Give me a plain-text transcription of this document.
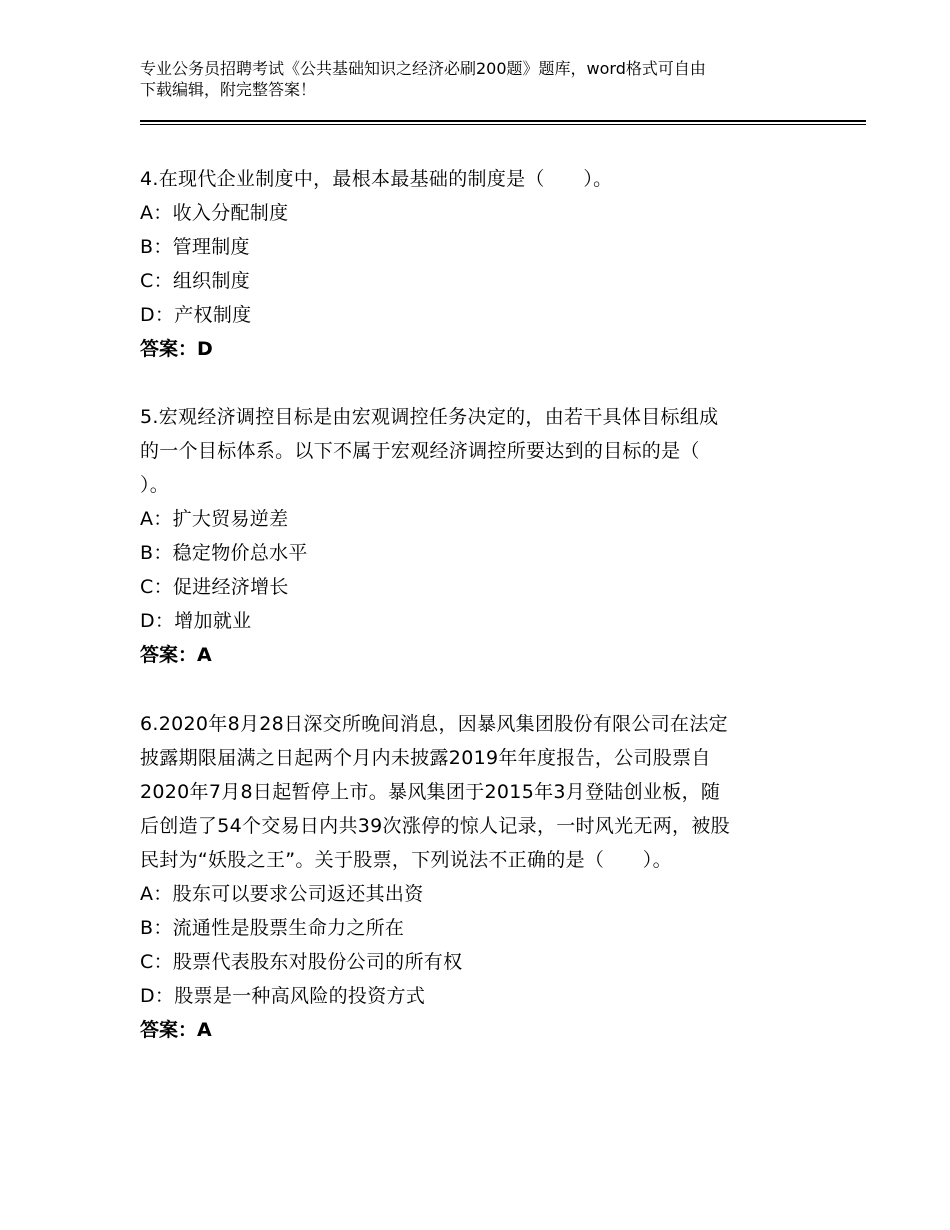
专业公务员招聘考试《公共基础知识之经济必刷200题》题库，word格式可自由
下载编辑，附完整答案！

4.在现代企业制度中，最根本最基础的制度是（　　）。

A：收入分配制度

B：管理制度

C：组织制度

D：产权制度

答案：D

5.宏观经济调控目标是由宏观调控任务决定的，由若干具体目标组成

的一个目标体系。以下不属于宏观经济调控所要达到的目标的是（

）。

A：扩大贸易逆差

B：稳定物价总水平

C：促进经济增长

D：增加就业

答案：A

6.2020年8月28日深交所晚间消息，因暴风集团股份有限公司在法定

披露期限届满之日起两个月内未披露2019年年度报告，公司股票自

2020年7月8日起暂停上市。暴风集团于2015年3月登陆创业板，随

后创造了54个交易日内共39次涨停的惊人记录，一时风光无两，被股

民封为“妖股之王”。关于股票，下列说法不正确的是（　　）。

A：股东可以要求公司返还其出资

B：流通性是股票生命力之所在

C：股票代表股东对股份公司的所有权

D：股票是一种高风险的投资方式

答案：A
